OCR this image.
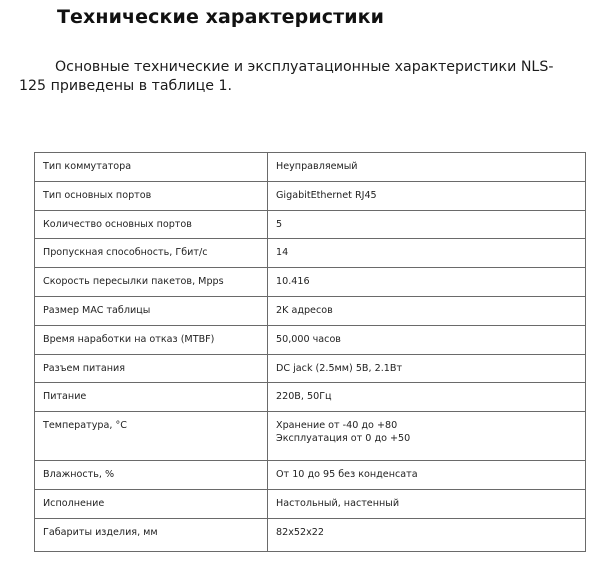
Технические характеристики

Основные технические и эксплуатационные характеристики NLS-125 приведены в таблице 1.

Тип коммутатора	Неуправляемый

Тип основных портов	GigabitEthernet RJ45

Количество основных портов	5

Пропускная способность, Гбит/с	14

Скорость пересылки пакетов, Mpps	10.416

Размер MAC таблицы	2K адресов

Время наработки на отказ (MTBF)	50,000 часов

Разъем питания	DC jack (2.5мм) 5В, 2.1Вт

Питание	220В, 50Гц

Температура, °С	Хранение от -40 до +80
Эксплуатация от 0 до +50

Влажность, %	От 10 до 95 без конденсата

Исполнение	Настольный, настенный

Габариты изделия, мм	82x52x22
